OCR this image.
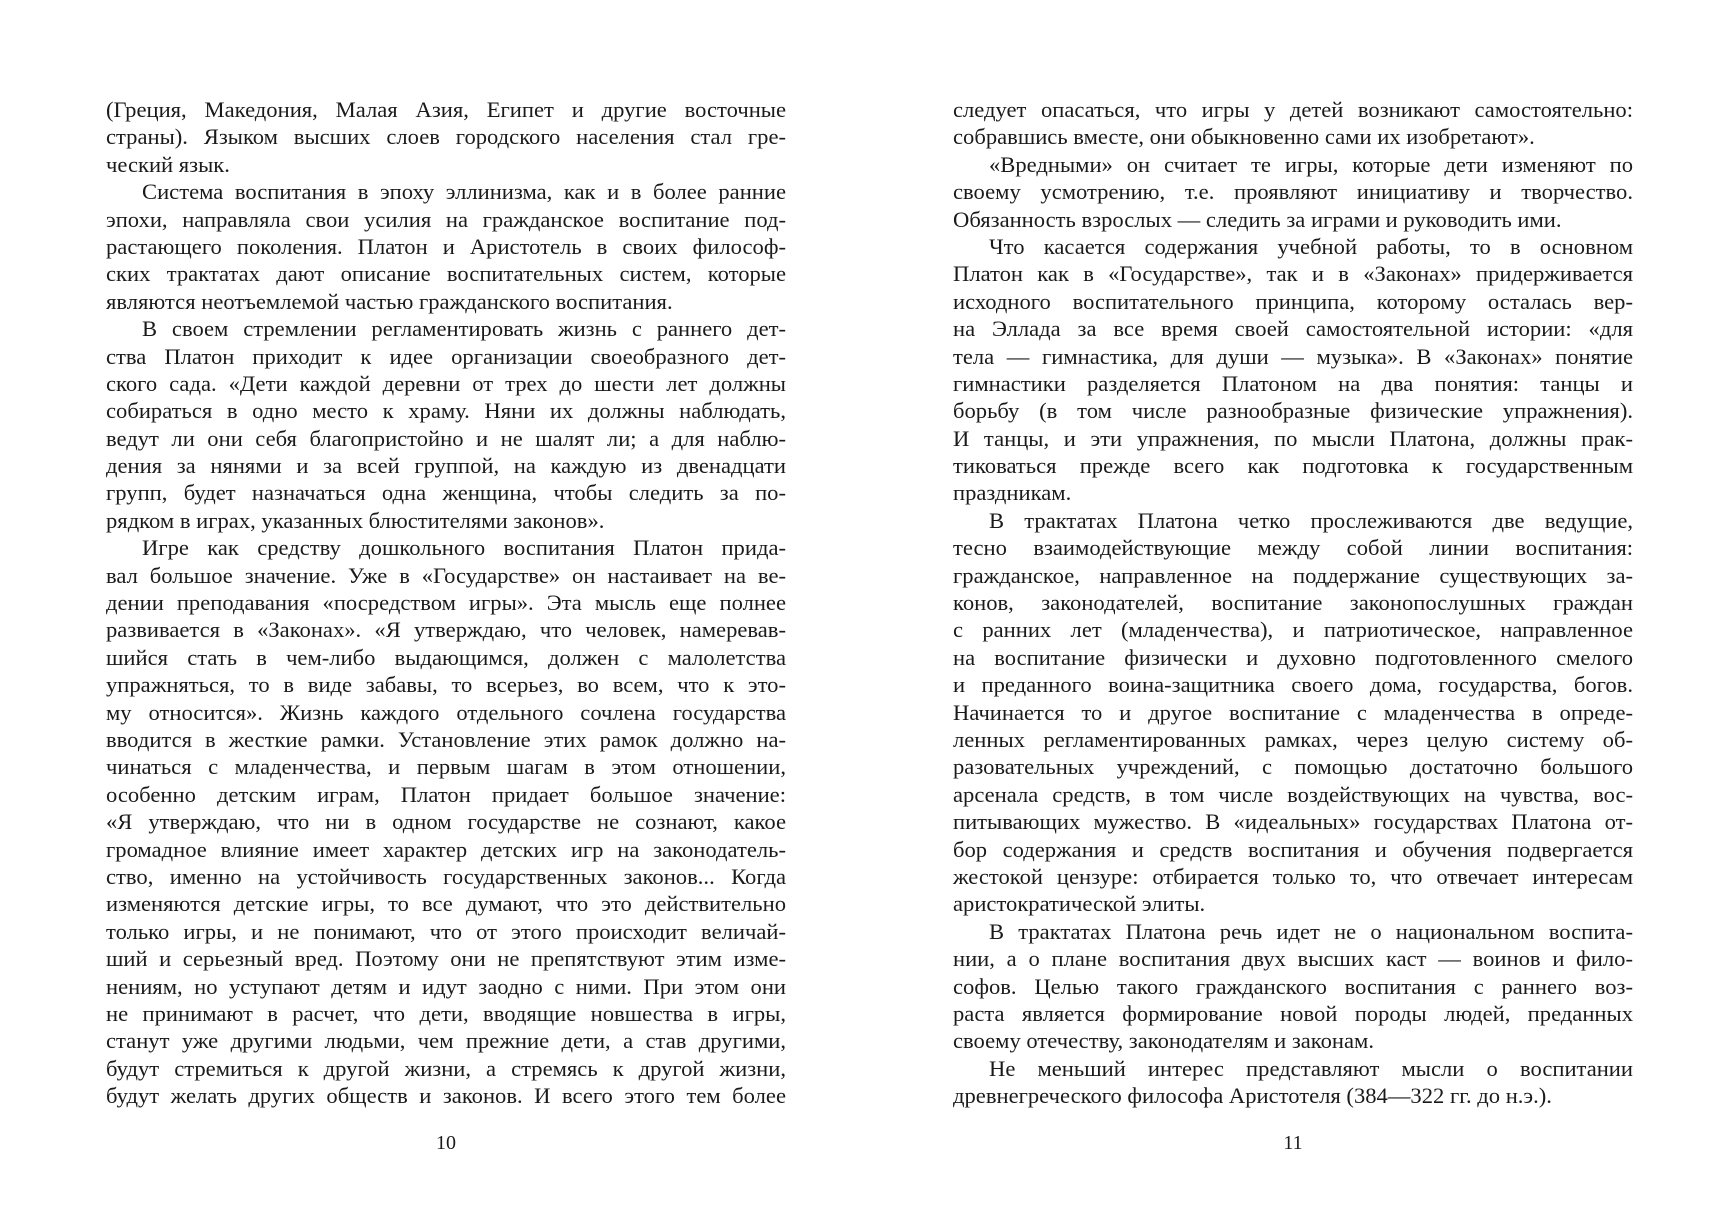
(Греция, Македония, Малая Азия, Египет и другие восточные
страны). Языком высших слоев городского населения стал гре-
ческий язык.
Система воспитания в эпоху эллинизма, как и в более ранние
эпохи, направляла свои усилия на гражданское воспитание под-
растающего поколения. Платон и Аристотель в своих философ-
ских трактатах дают описание воспитательных систем, которые
являются неотъемлемой частью гражданского воспитания.
В своем стремлении регламентировать жизнь с раннего дет-
ства Платон приходит к идее организации своеобразного дет-
ского сада. «Дети каждой деревни от трех до шести лет должны
собираться в одно место к храму. Няни их должны наблюдать,
ведут ли они себя благопристойно и не шалят ли; а для наблю-
дения за нянями и за всей группой, на каждую из двенадцати
групп, будет назначаться одна женщина, чтобы следить за по-
рядком в играх, указанных блюстителями законов».
Игре как средству дошкольного воспитания Платон прида-
вал большое значение. Уже в «Государстве» он настаивает на ве-
дении преподавания «посредством игры». Эта мысль еще полнее
развивается в «Законах». «Я утверждаю, что человек, намеревав-
шийся стать в чем-либо выдающимся, должен с малолетства
упражняться, то в виде забавы, то всерьез, во всем, что к это-
му относится». Жизнь каждого отдельного сочлена государства
вводится в жесткие рамки. Установление этих рамок должно на-
чинаться с младенчества, и первым шагам в этом отношении,
особенно детским играм, Платон придает большое значение:
«Я утверждаю, что ни в одном государстве не сознают, какое
громадное влияние имеет характер детских игр на законодатель-
ство, именно на устойчивость государственных законов... Когда
изменяются детские игры, то все думают, что это действительно
только игры, и не понимают, что от этого происходит величай-
ший и серьезный вред. Поэтому они не препятствуют этим изме-
нениям, но уступают детям и идут заодно с ними. При этом они
не принимают в расчет, что дети, вводящие новшества в игры,
станут уже другими людьми, чем прежние дети, а став другими,
будут стремиться к другой жизни, а стремясь к другой жизни,
будут желать других обществ и законов. И всего этого тем более
10
следует опасаться, что игры у детей возникают самостоятельно:
собравшись вместе, они обыкновенно сами их изобретают».
«Вредными» он считает те игры, которые дети изменяют по
своему усмотрению, т.е. проявляют инициативу и творчество.
Обязанность взрослых — следить за играми и руководить ими.
Что касается содержания учебной работы, то в основном
Платон как в «Государстве», так и в «Законах» придерживается
исходного воспитательного принципа, которому осталась вер-
на Эллада за все время своей самостоятельной истории: «для
тела — гимнастика, для души — музыка». В «Законах» понятие
гимнастики разделяется Платоном на два понятия: танцы и
борьбу (в том числе разнообразные физические упражнения).
И танцы, и эти упражнения, по мысли Платона, должны прак-
тиковаться прежде всего как подготовка к государственным
праздникам.
В трактатах Платона четко прослеживаются две ведущие,
тесно взаимодействующие между собой линии воспитания:
гражданское, направленное на поддержание существующих за-
конов, законодателей, воспитание законопослушных граждан
с ранних лет (младенчества), и патриотическое, направленное
на воспитание физически и духовно подготовленного смелого
и преданного воина-защитника своего дома, государства, богов.
Начинается то и другое воспитание с младенчества в опреде-
ленных регламентированных рамках, через целую систему об-
разовательных учреждений, с помощью достаточно большого
арсенала средств, в том числе воздействующих на чувства, вос-
питывающих мужество. В «идеальных» государствах Платона от-
бор содержания и средств воспитания и обучения подвергается
жестокой цензуре: отбирается только то, что отвечает интересам
аристократической элиты.
В трактатах Платона речь идет не о национальном воспита-
нии, а о плане воспитания двух высших каст — воинов и фило-
софов. Целью такого гражданского воспитания с раннего воз-
раста является формирование новой породы людей, преданных
своему отечеству, законодателям и законам.
Не меньший интерес представляют мысли о воспитании
древнегреческого философа Аристотеля (384—322 гг. до н.э.).
11
